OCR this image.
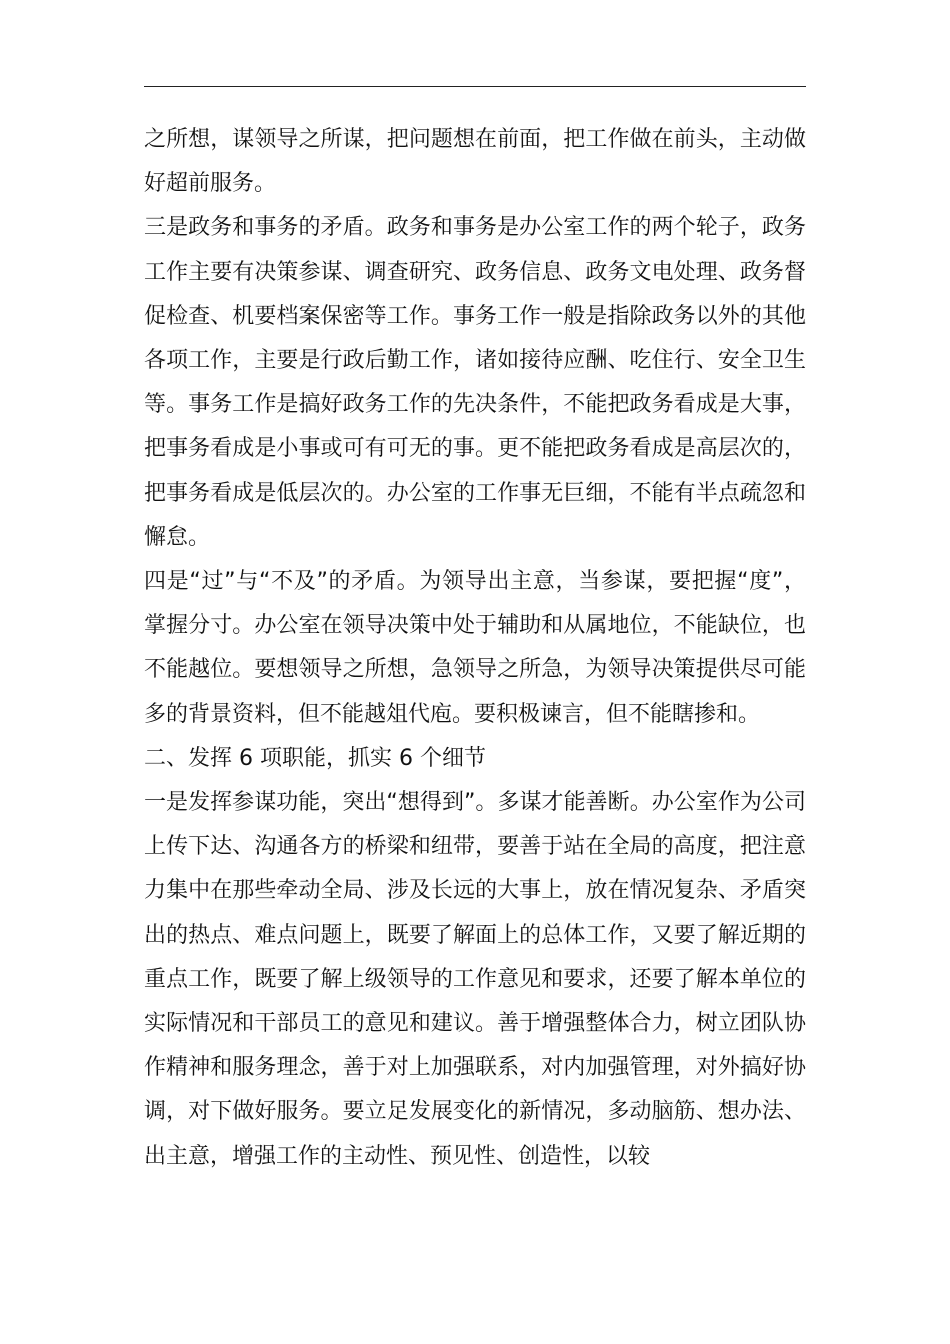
之所想，谋领导之所谋，把问题想在前面，把工作做在前头，主动做好超前服务。

三是政务和事务的矛盾。政务和事务是办公室工作的两个轮子，政务工作主要有决策参谋、调查研究、政务信息、政务文电处理、政务督促检查、机要档案保密等工作。事务工作一般是指除政务以外的其他各项工作，主要是行政后勤工作，诸如接待应酬、吃住行、安全卫生等。事务工作是搞好政务工作的先决条件，不能把政务看成是大事，把事务看成是小事或可有可无的事。更不能把政务看成是高层次的，把事务看成是低层次的。办公室的工作事无巨细，不能有半点疏忽和懈怠。

四是“过”与“不及”的矛盾。为领导出主意，当参谋，要把握“度”，掌握分寸。办公室在领导决策中处于辅助和从属地位，不能缺位，也不能越位。要想领导之所想，急领导之所急，为领导决策提供尽可能多的背景资料，但不能越俎代庖。要积极谏言，但不能瞎掺和。

二、发挥 6 项职能，抓实 6 个细节

一是发挥参谋功能，突出“想得到”。多谋才能善断。办公室作为公司上传下达、沟通各方的桥梁和纽带，要善于站在全局的高度，把注意力集中在那些牵动全局、涉及长远的大事上，放在情况复杂、矛盾突出的热点、难点问题上，既要了解面上的总体工作，又要了解近期的重点工作，既要了解上级领导的工作意见和要求，还要了解本单位的实际情况和干部员工的意见和建议。善于增强整体合力，树立团队协作精神和服务理念，善于对上加强联系，对内加强管理，对外搞好协调，对下做好服务。要立足发展变化的新情况，多动脑筋、想办法、出主意，增强工作的主动性、预见性、创造性，以较
